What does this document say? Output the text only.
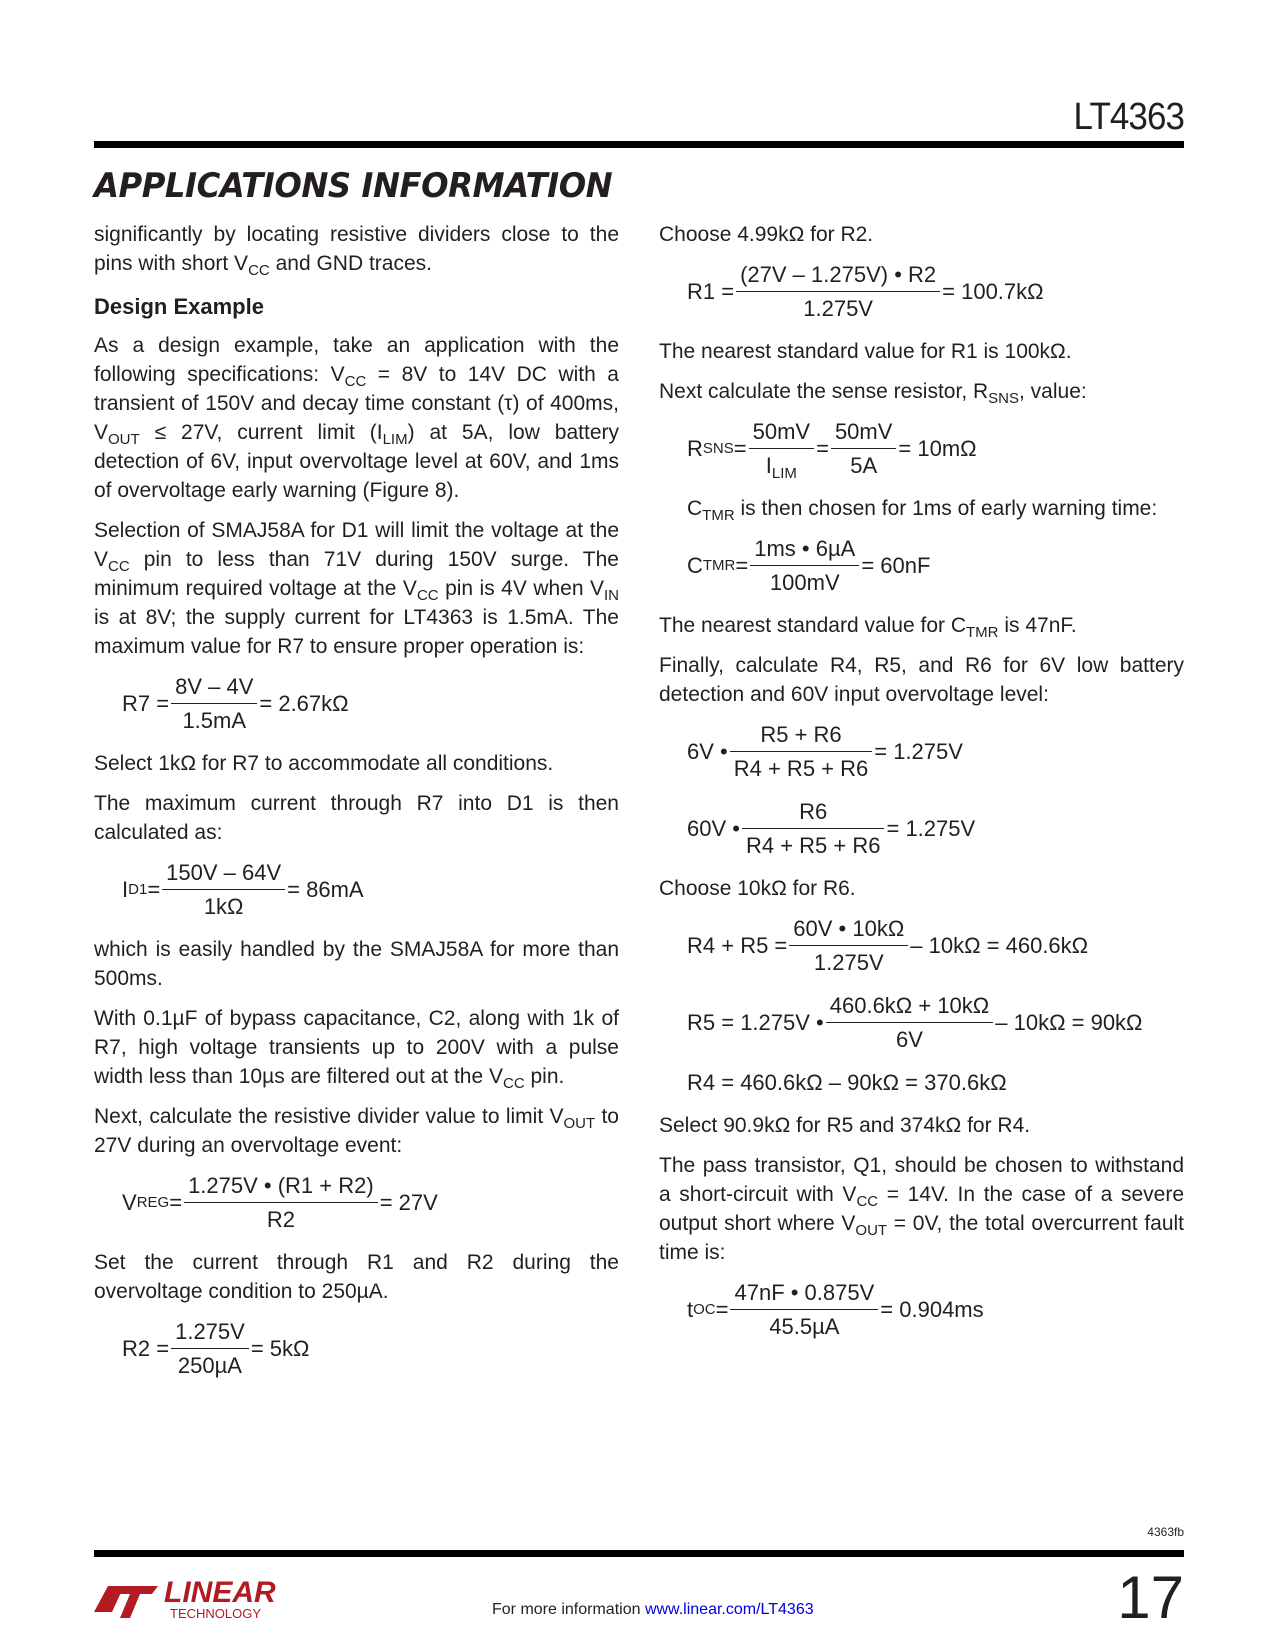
LT4363
APPLICATIONS INFORMATION

significantly by locating resistive dividers close to the pins with short $V_{CC}$ and GND traces.

Design Example

As a design example, take an application with the following specifications: $V_{CC} = 8V$ to 14V DC with a transient of 150V and decay time constant (τ) of 400ms, $V_{OUT} \le 27V$, current limit $(I_{LIM})$ at 5A, low battery detection of 6V, input overvoltage level at 60V, and 1ms of overvoltage early warning (Figure 8).

Selection of SMAJ58A for D1 will limit the voltage at the $V_{CC}$ pin to less than 71V during 150V surge. The minimum required voltage at the $V_{CC}$ pin is 4V when $V_{IN}$ is at 8V; the supply current for LT4363 is 1.5mA. The maximum value for R7 to ensure proper operation is:

$R7 = \frac{8V - 4V}{1.5mA} = 2.67k\Omega$

Select 1kΩ for R7 to accommodate all conditions.

The maximum current through R7 into D1 is then calculated as:

I $D1 = \frac{150V - 64V}{1k\Omega} = 86mA$

which is easily handled by the SMAJ58A for more than 500ms.

With 0.1µF of bypass capacitance, C2, along with 1k of R7, high voltage transients up to 200V with a pulse width less than 10µs are filtered out at the $V_{CC}$ pin.

Next, calculate the resistive divider value to limit $V_{OUT}$ to 27V during an overvoltage event:

V REG = $\frac{1.275V • (R1 + R2)}{R2} = 27V$

Set the current through R1 and R2 during the overvoltage condition to 250µA.

$R2 = \frac{1.275V}{\text{250µA}} = 5k\Omega$

Choose 4.99kΩ for R2.

$R1 = \frac{(27V - 1.275V) • R2}{1.275V} = 100.7k\Omega$

The nearest standard value for R1 is 100kΩ.

Next calculate the sense resistor, $R_{SNS}$, value:

R SNS = $\frac{50mV}{I_{LIM}} = \frac{50mV}{5A} = 10m\Omega$

$C_{TMR}$ is then chosen for 1ms of early warning time:

C TMR = $\frac{\text{1ms • 6µA}}{100mV} = 60nF$

The nearest standard value for $C_{TMR}$ is 47nF.

Finally, calculate R4, R5, and R6 for 6V low battery detection and 60V input overvoltage level:

6V • $\frac{R5 + R6}{R4 + R5 + R6} = 1.275V$
60V • $\frac{R6}{R4 + R5 + R6} = 1.275V$

Choose 10kΩ for R6.

$R4 + R5 = \frac{60V • 10k\Omega}{1.275V} - 10k\Omega = 460.6k\Omega$
R5 = 1.275V • $\frac{460.6k\Omega + 10k\Omega}{6V} - 10k\Omega = 90k\Omega$
R4 = 460.6kΩ – 90kΩ = 370.6kΩ

Select 90.9kΩ for R5 and 374kΩ for R4.

The pass transistor, Q1, should be chosen to withstand a short-circuit with $V_{CC} = 14V$. In the case of a severe output short where $V_{OUT} = 0V$, the total overcurrent fault time is:

t OC = $\frac{47nF • 0.875V}{\text{45.5µA}} = 0.904ms$
4363fb
LINEAR
TECHNOLOGY	For more information www.linear.com/LT4363	17
